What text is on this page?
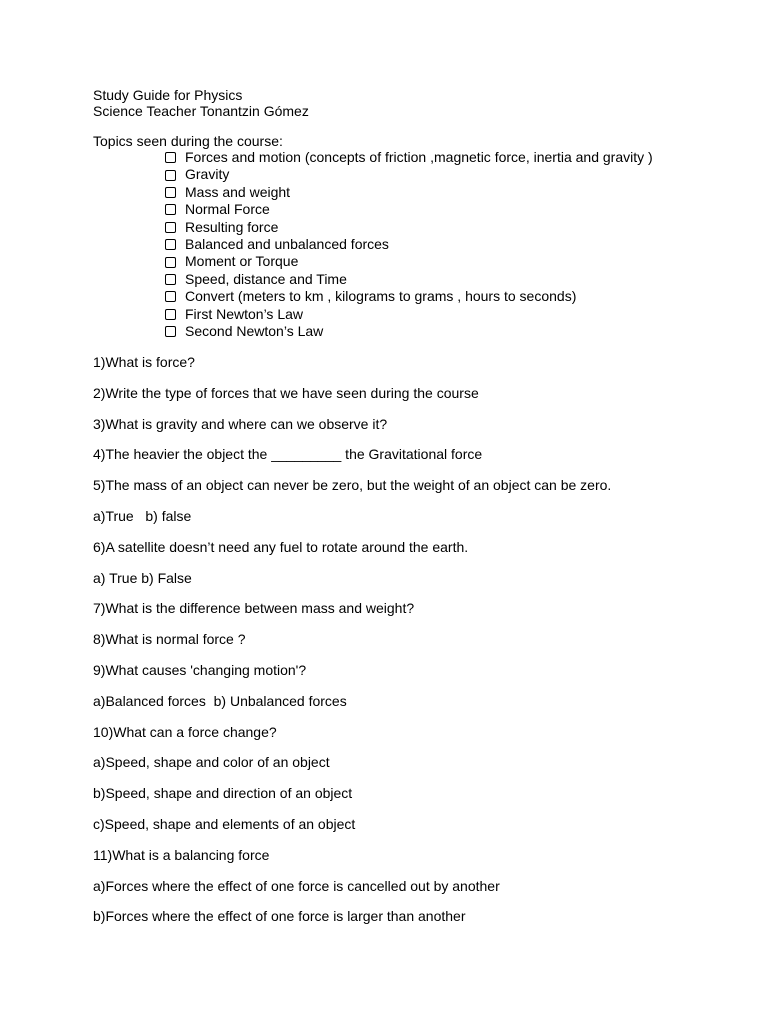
Study Guide for Physics
Science Teacher Tonantzin Gómez
Topics seen during the course:
Forces and motion (concepts of friction ,magnetic force, inertia and gravity )
Gravity
Mass and weight
Normal Force
Resulting force
Balanced and unbalanced forces
Moment or Torque
Speed, distance and Time
Convert (meters to km , kilograms to grams , hours to seconds)
First Newton’s Law
Second Newton’s Law
1)What is force?
2)Write the type of forces that we have seen during the course
3)What is gravity and where can we observe it?
4)The heavier the object the _________ the Gravitational force
5)The mass of an object can never be zero, but the weight of an object can be zero.
a)True   b) false
6)A satellite doesn’t need any fuel to rotate around the earth.
a) True b) False
7)What is the difference between mass and weight?
8)What is normal force ?
9)What causes 'changing motion'?
a)Balanced forces  b) Unbalanced forces
10)What can a force change?
a)Speed, shape and color of an object
b)Speed, shape and direction of an object
c)Speed, shape and elements of an object
11)What is a balancing force
a)Forces where the effect of one force is cancelled out by another
b)Forces where the effect of one force is larger than another
